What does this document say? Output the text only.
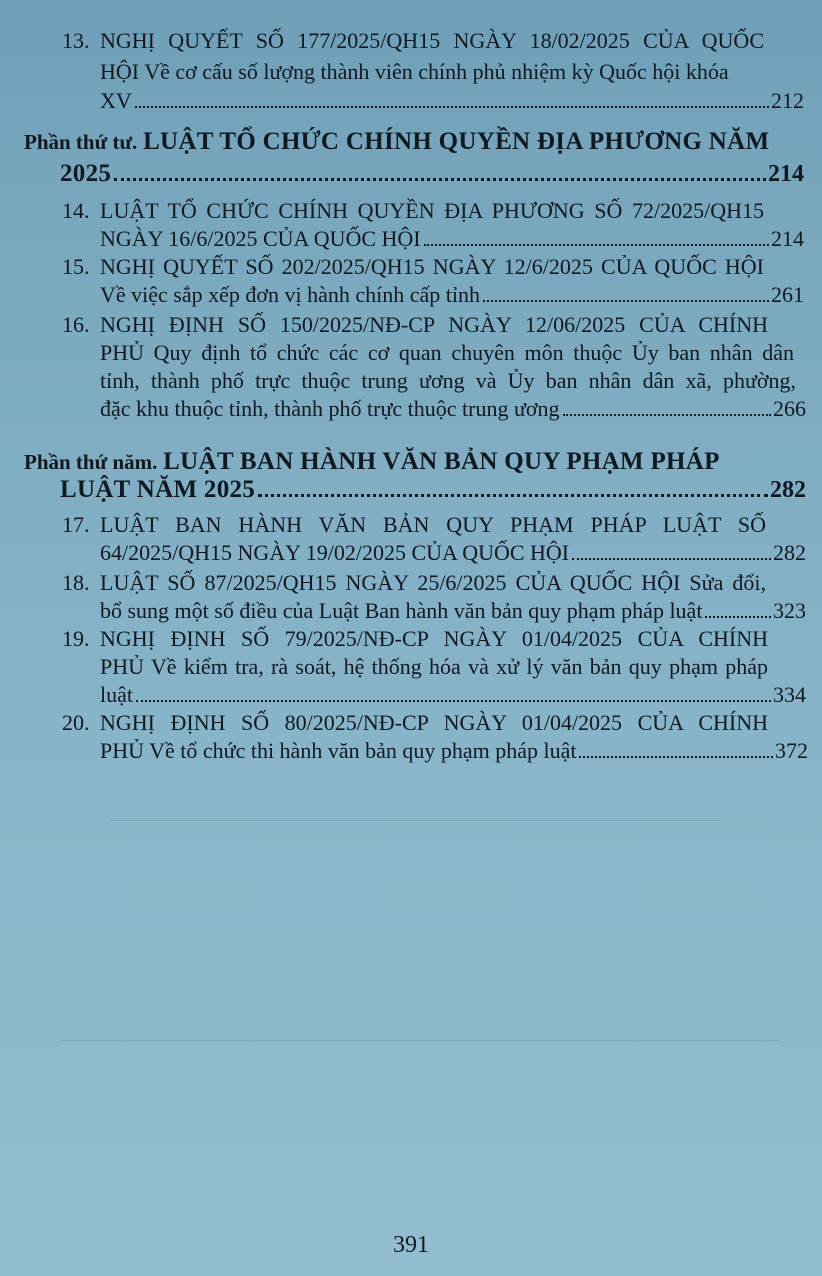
13. NGHỊ QUYẾT SỐ 177/2025/QH15 NGÀY 18/02/2025 CỦA QUỐC
HỘI Về cơ cấu số lượng thành viên chính phủ nhiệm kỳ Quốc hội khóa
XV	212
Phần thứ tư. LUẬT TỔ CHỨC CHÍNH QUYỀN ĐỊA PHƯƠNG NĂM
2025	214
14. LUẬT TỔ CHỨC CHÍNH QUYỀN ĐỊA PHƯƠNG SỐ 72/2025/QH15
NGÀY 16/6/2025 CỦA QUỐC HỘI	214
15. NGHỊ QUYẾT SỐ 202/2025/QH15 NGÀY 12/6/2025 CỦA QUỐC HỘI
Về việc sắp xếp đơn vị hành chính cấp tỉnh	261
16. NGHỊ ĐỊNH SỐ 150/2025/NĐ-CP NGÀY 12/06/2025 CỦA CHÍNH
PHỦ Quy định tổ chức các cơ quan chuyên môn thuộc Ủy ban nhân dân
tỉnh, thành phố trực thuộc trung ương và Ủy ban nhân dân xã, phường,
đặc khu thuộc tỉnh, thành phố trực thuộc trung ương	266
Phần thứ năm. LUẬT BAN HÀNH VĂN BẢN QUY PHẠM PHÁP
LUẬT NĂM 2025	282
17. LUẬT BAN HÀNH VĂN BẢN QUY PHẠM PHÁP LUẬT SỐ
64/2025/QH15 NGÀY 19/02/2025 CỦA QUỐC HỘI	282
18. LUẬT SỐ 87/2025/QH15 NGÀY 25/6/2025 CỦA QUỐC HỘI Sửa đổi,
bổ sung một số điều của Luật Ban hành văn bản quy phạm pháp luật	323
19. NGHỊ ĐỊNH SỐ 79/2025/NĐ-CP NGÀY 01/04/2025 CỦA CHÍNH
PHỦ Về kiểm tra, rà soát, hệ thống hóa và xử lý văn bản quy phạm pháp
luật	334
20. NGHỊ ĐỊNH SỐ 80/2025/NĐ-CP NGÀY 01/04/2025 CỦA CHÍNH
PHỦ Về tổ chức thi hành văn bản quy phạm pháp luật	372
391
